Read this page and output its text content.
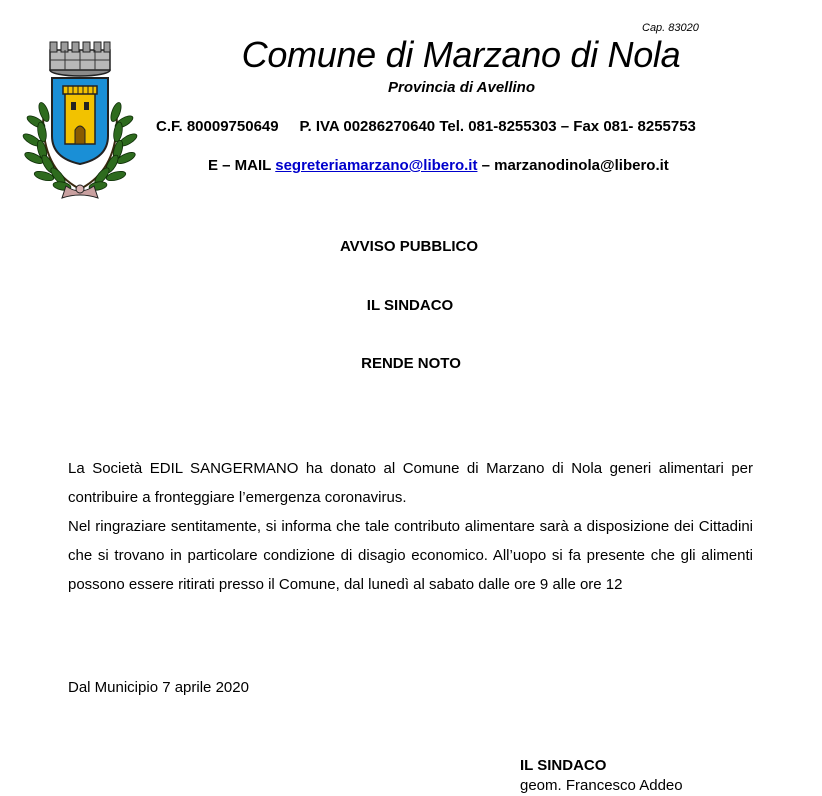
Cap. 83020
Comune di Marzano di Nola
Provincia di Avellino
C.F. 80009750649 P. IVA 00286270640 Tel. 081-8255303 – Fax 081- 8255753
E – MAIL segreteriamarzano@libero.it – marzanodinola@libero.it
AVVISO PUBBLICO
IL SINDACO
RENDE NOTO

La Società EDIL SANGERMANO ha donato al Comune di Marzano di Nola generi alimentari per contribuire a fronteggiare l’emergenza coronavirus.

Nel ringraziare sentitamente, si informa che tale contributo alimentare sarà a disposizione dei Cittadini che si trovano in particolare condizione di disagio economico. All’uopo si fa presente che gli alimenti possono essere ritirati presso il Comune, dal lunedì al sabato dalle ore 9 alle ore 12

Dal Municipio 7 aprile 2020
IL SINDACO
geom. Francesco Addeo
